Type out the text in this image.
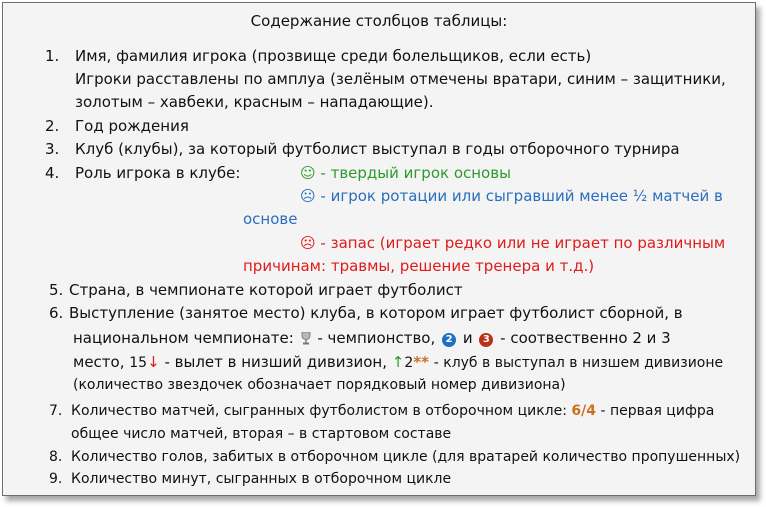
Содержание столбцов таблицы:
1. Имя, фамилия игрока (прозвище среди болельщиков, если есть)
Игроки расставлены по амплуа (зелёным отмечены вратари, синим – защитники,
золотым – хавбеки, красным – нападающие).
2. Год рождения
3. Клуб (клубы), за который футболист выступал в годы отборочного турнира
4. Роль игрока в клубе:	☺ - твердый игрок основы
☹ - игрок ротации или сыгравший менее ½ матчей в
основе
☹ - запас (играет редко или не играет по различным
причинам: травмы, решение тренера и т.д.)
5. Страна, в чемпионате которой играет футболист
6. Выступление (занятое место) клуба, в котором играет футболист сборной, в
национальном чемпионате: - чемпионство, 2 и 3 - соотвественно 2 и 3
место, 15↓ - вылет в низший дивизион, ↑2** - клуб в выступал в низшем дивизионе
(количество звездочек обозначает порядковый номер дивизиона)
7. Количество матчей, сыгранных футболистом в отборочном цикле: 6/4 - первая цифра
общее число матчей, вторая – в стартовом составе
8. Количество голов, забитых в отборочном цикле (для вратарей количество пропушенных)
9. Количество минут, сыгранных в отборочном цикле
